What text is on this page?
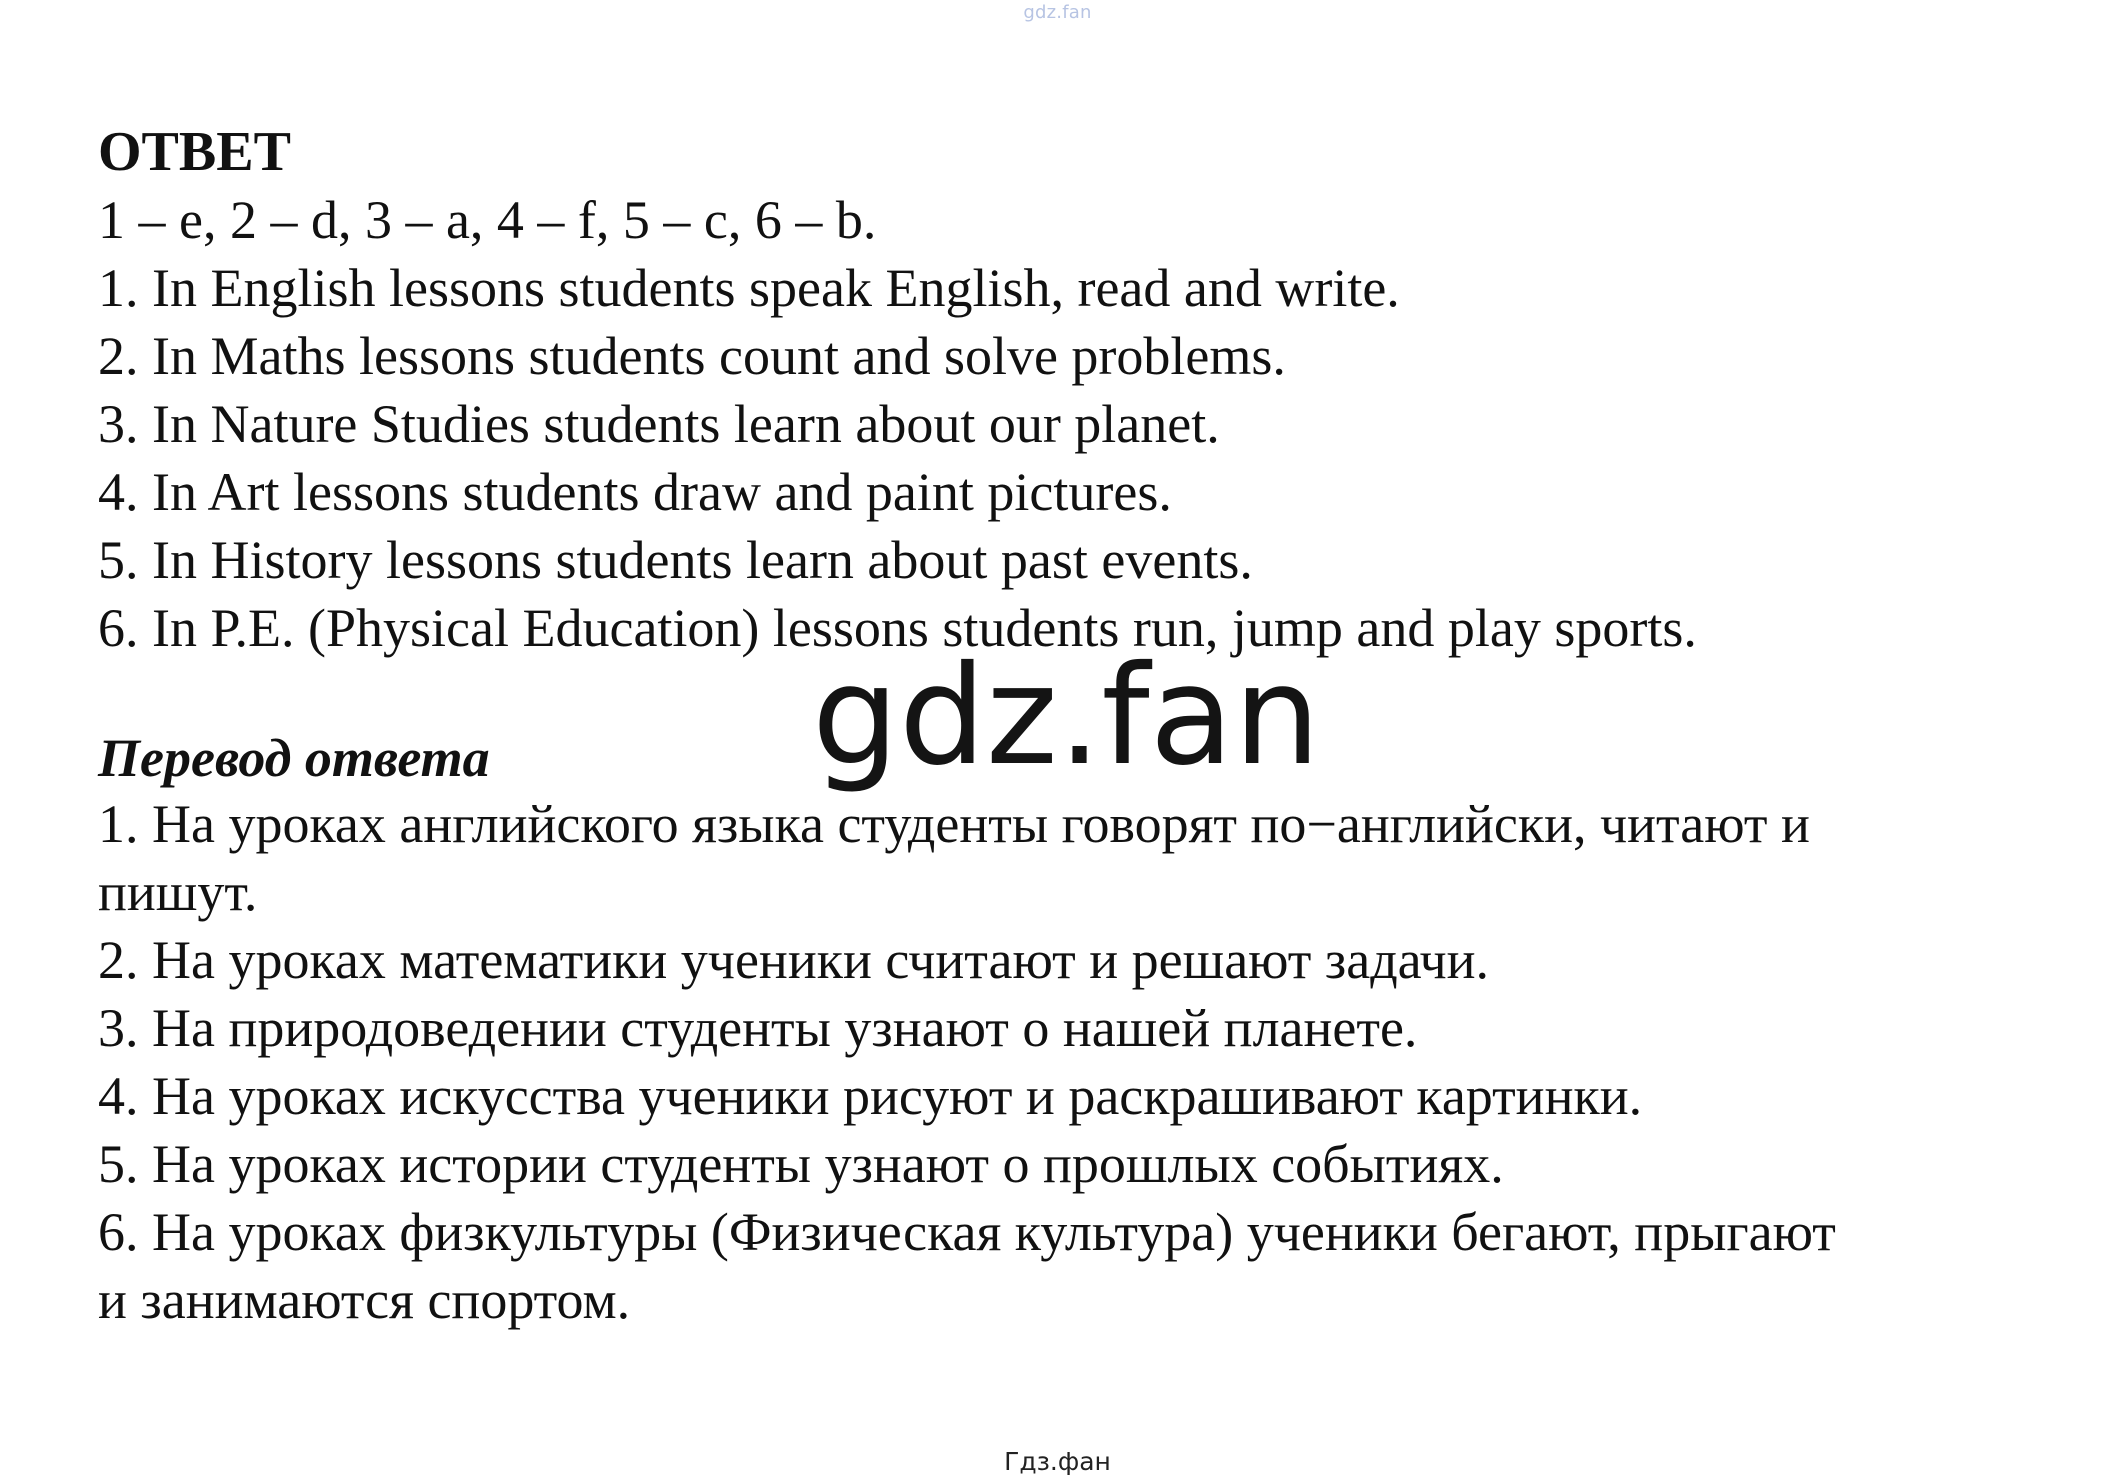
gdz.fan
ОТВЕТ
1 – e, 2 – d, 3 – a, 4 – f, 5 – c, 6 – b.
1. In English lessons students speak English, read and write.
2. In Maths lessons students count and solve problems.
3. In Nature Studies students learn about our planet.
4. In Art lessons students draw and paint pictures.
5. In History lessons students learn about past events.
6. In P.E. (Physical Education) lessons students run, jump and play sports.
gdz.fan
Перевод ответа
1. На уроках английского языка студенты говорят по−английски, читают и
пишут.
2. На уроках математики ученики считают и решают задачи.
3. На природоведении студенты узнают о нашей планете.
4. На уроках искусства ученики рисуют и раскрашивают картинки.
5. На уроках истории студенты узнают о прошлых событиях.
6. На уроках физкультуры (Физическая культура) ученики бегают, прыгают
и занимаются спортом.
Гдз.фан
